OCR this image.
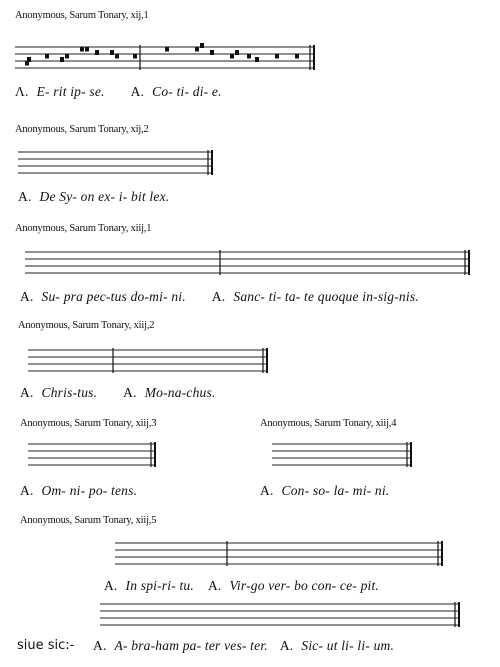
Anonymous, Sarum Tonary, xij,1
Λ. E- rit ip- se. A. Co- ti- di- e.
Anonymous, Sarum Tonary, xij,2
A. De Sy- on ex- i- bit lex.
Anonymous, Sarum Tonary, xiij,1
A. Su- pra pec-tus do-mi- ni. A. Sanc- ti- ta- te quoque in-sig-nis.
Anonymous, Sarum Tonary, xiij,2
A. Chris-tus. A. Mo-na-chus.
Anonymous, Sarum Tonary, xiij,3
A. Om- ni- po- tens.
Anonymous, Sarum Tonary, xiij,4
A. Con- so- la- mi- ni.
Anonymous, Sarum Tonary, xiij,5
A. In spi-ri- tu. A. Vir-go ver- bo con- ce- pit.
siue sic:- A. A- bra-ham pa- ter ves- ter. A. Sic- ut li- li- um.
